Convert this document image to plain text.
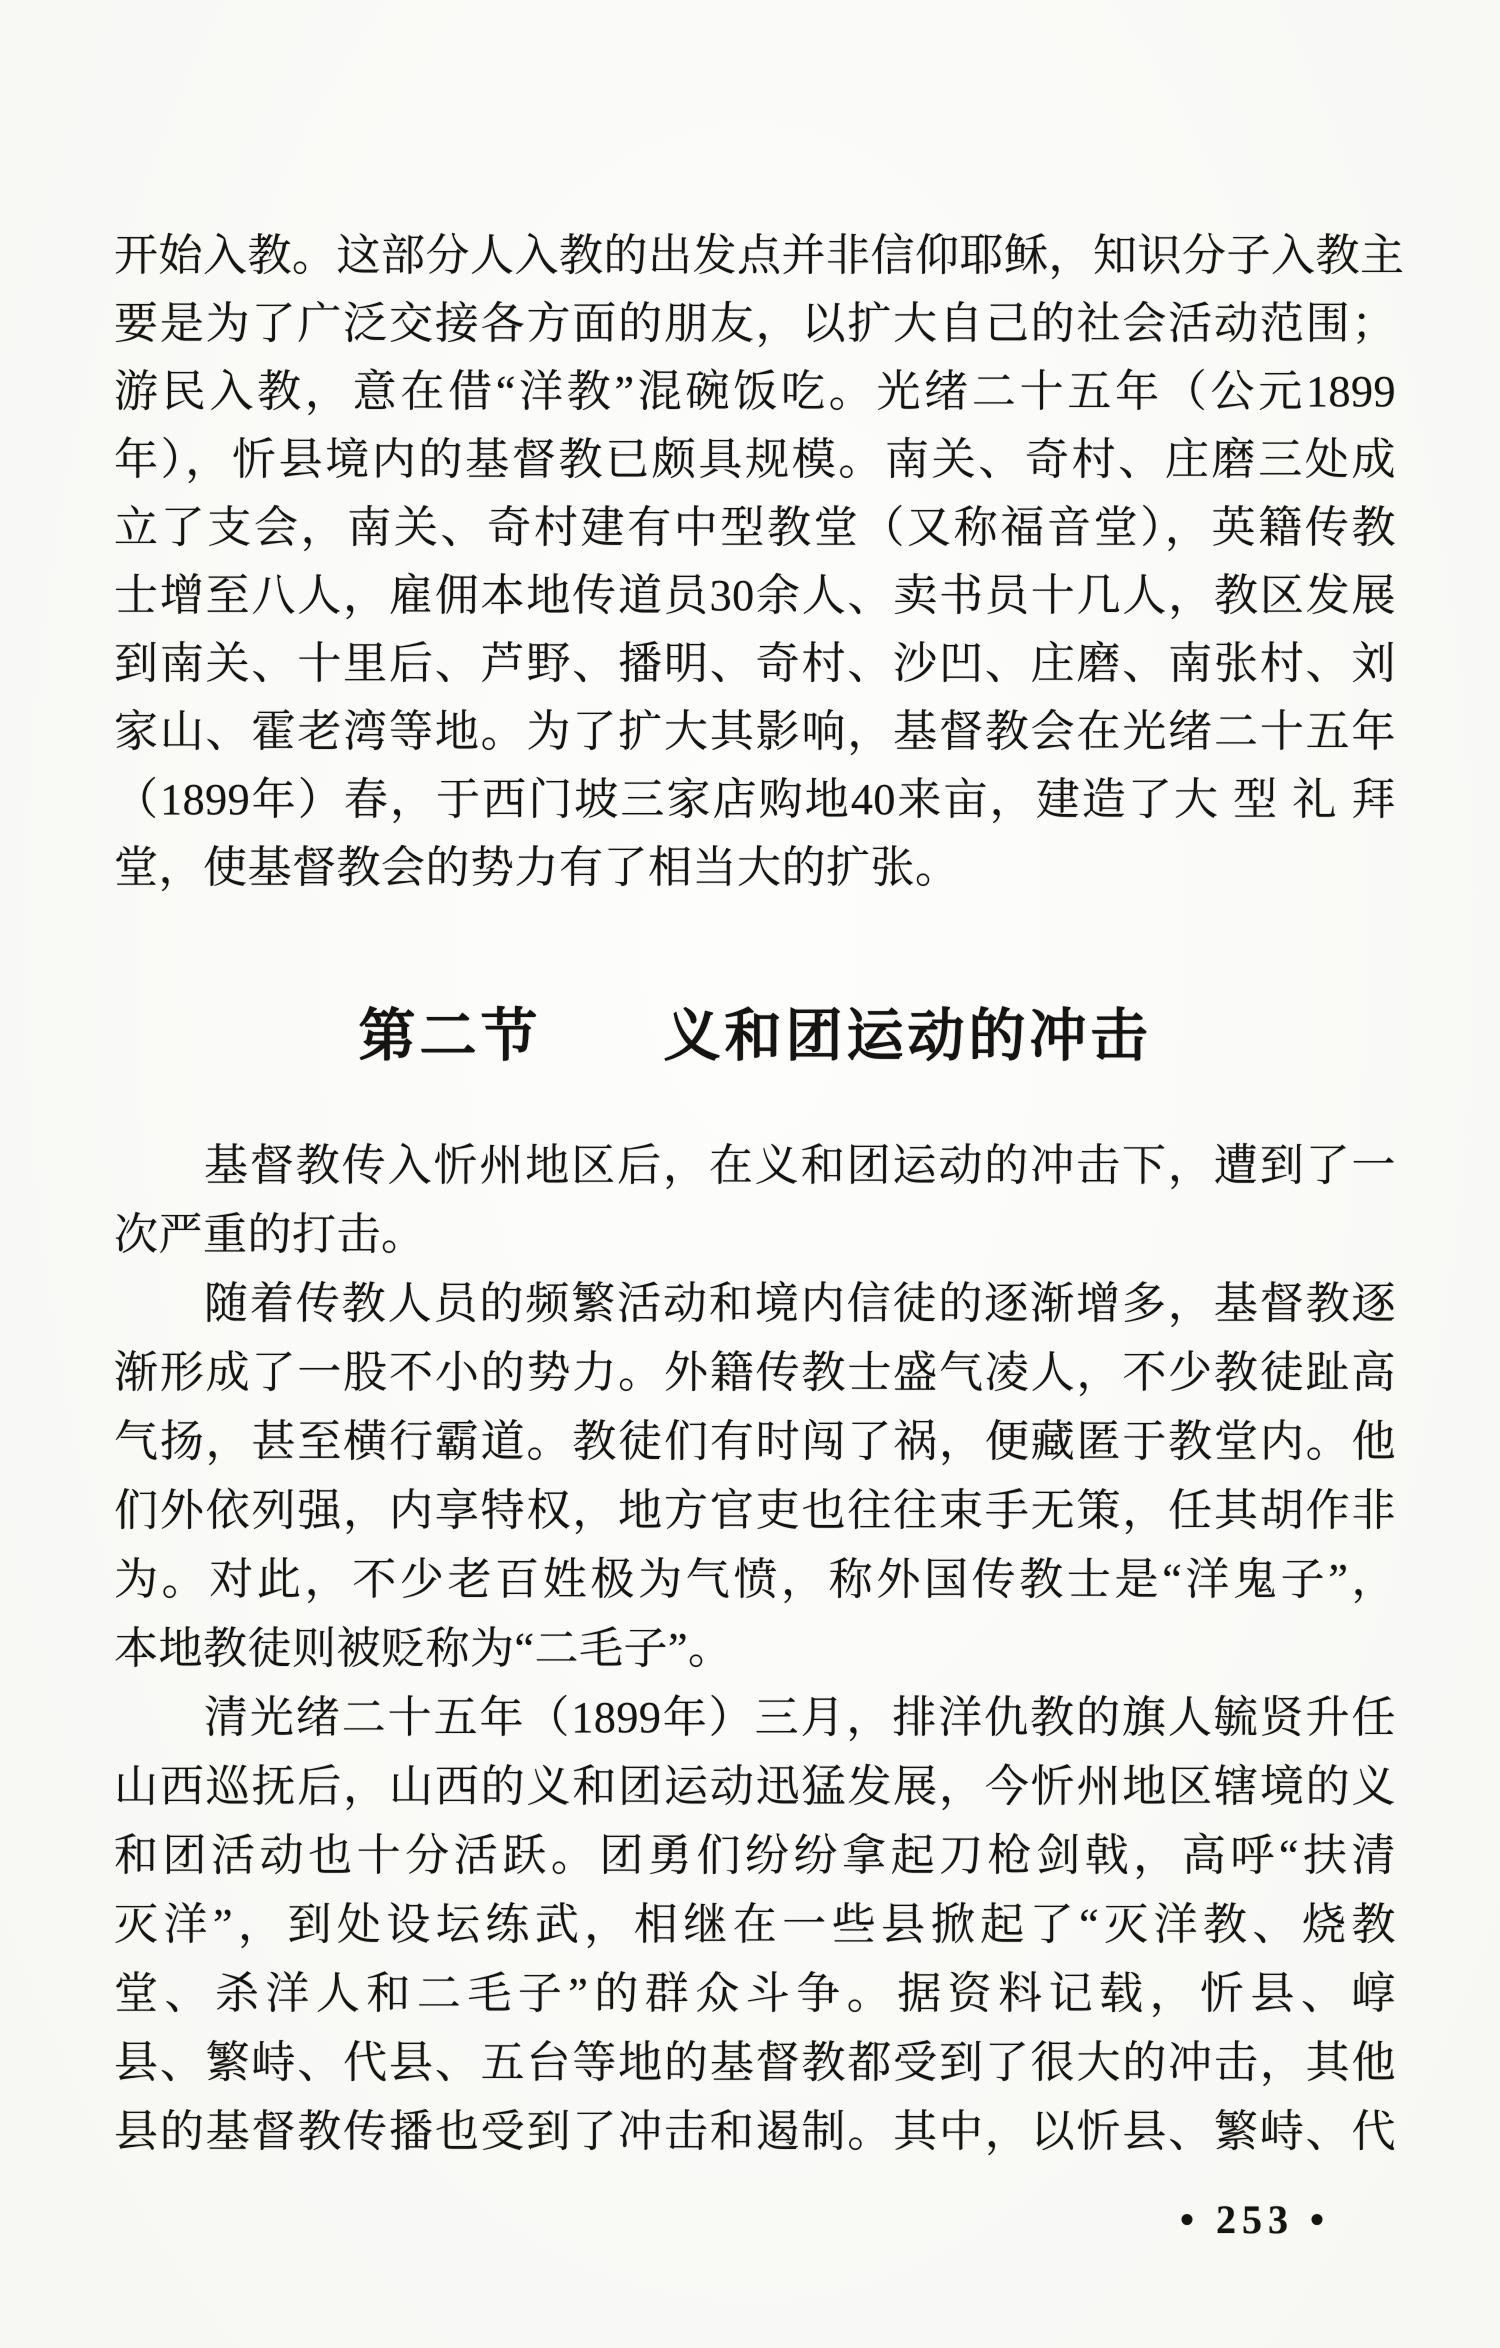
开始入教。这部分人入教的出发点并非信仰耶稣，知识分子入教主
要是为了广泛交接各方面的朋友，以扩大自己的社会活动范围；
游民入教，意在借“洋教”混碗饭吃。光绪二十五年（公元1899
年），忻县境内的基督教已颇具规模。南关、奇村、庄磨三处成
立了支会，南关、奇村建有中型教堂（又称福音堂），英籍传教
士增至八人，雇佣本地传道员30余人、卖书员十几人，教区发展
到南关、十里后、芦野、播明、奇村、沙凹、庄磨、南张村、刘
家山、霍老湾等地。为了扩大其影响，基督教会在光绪二十五年
（1899年）春，于西门坡三家店购地40来亩，建造了大 型 礼 拜
堂，使基督教会的势力有了相当大的扩张。
第二节 义和团运动的冲击
基督教传入忻州地区后，在义和团运动的冲击下，遭到了一
次严重的打击。
随着传教人员的频繁活动和境内信徒的逐渐增多，基督教逐
渐形成了一股不小的势力。外籍传教士盛气凌人，不少教徒趾高
气扬，甚至横行霸道。教徒们有时闯了祸，便藏匿于教堂内。他
们外依列强，内享特权，地方官吏也往往束手无策，任其胡作非
为。对此，不少老百姓极为气愤，称外国传教士是“洋鬼子”，
本地教徒则被贬称为“二毛子”。
清光绪二十五年（1899年）三月，排洋仇教的旗人毓贤升任
山西巡抚后，山西的义和团运动迅猛发展，今忻州地区辖境的义
和团活动也十分活跃。团勇们纷纷拿起刀枪剑戟，高呼“扶清
灭洋”，到处设坛练武，相继在一些县掀起了“灭洋教、烧教
堂、杀洋人和二毛子”的群众斗争。据资料记载，忻县、崞
县、繁峙、代县、五台等地的基督教都受到了很大的冲击，其他
县的基督教传播也受到了冲击和遏制。其中，以忻县、繁峙、代
• 253 •
